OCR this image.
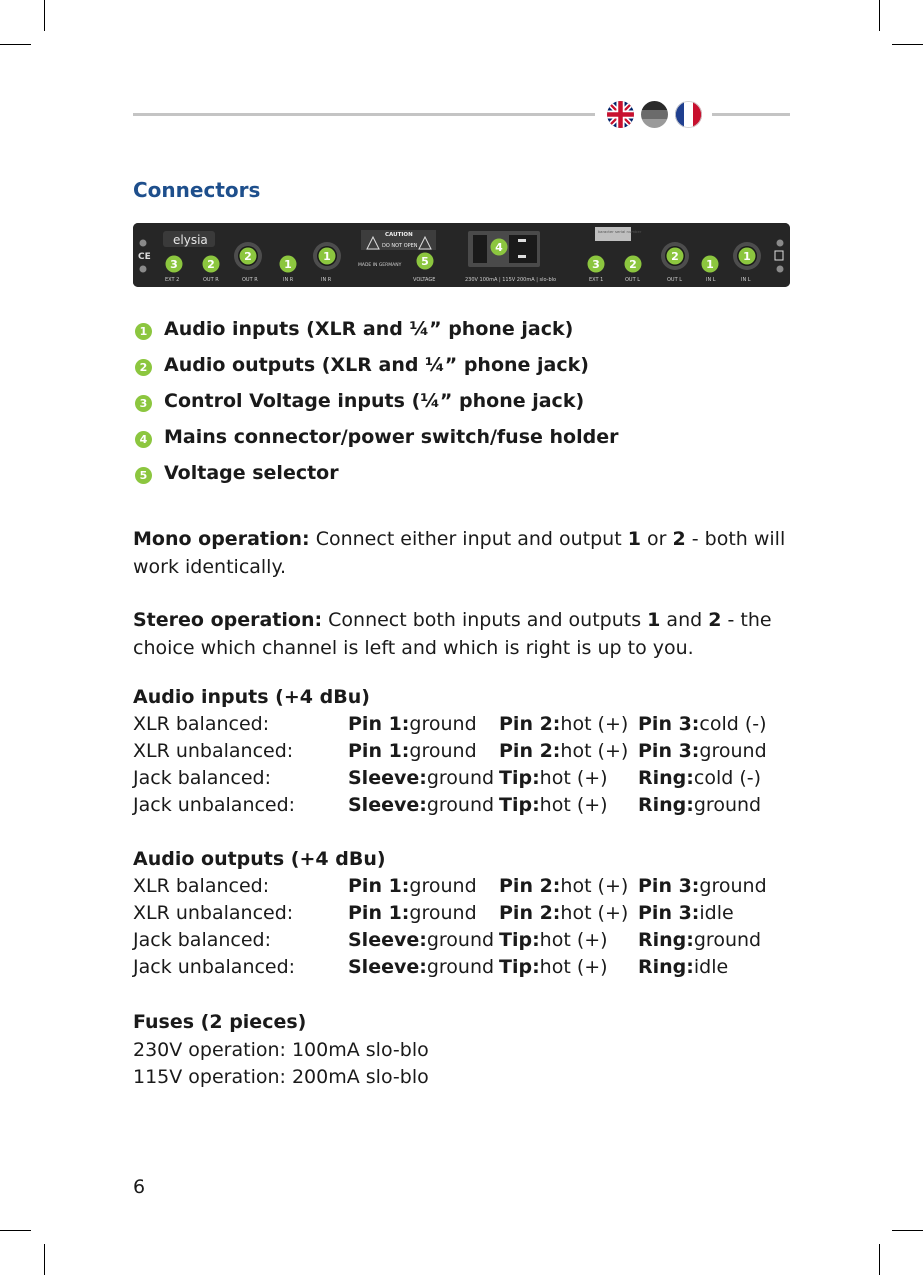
Connectors
CE
elysia	CAUTION
DO NOT OPEN
MADE IN GERMANY
karacter serial number
EXT 2	OUT R	OUT R	IN R	IN R	VOLTAGE	230V 100mA | 115V 200mA | slo-blo	EXT 1	OUT L	OUT L	IN L	IN L
3	2
2
1
1	5
4
3	2
2
1
1
1 Audio inputs (XLR and ¼” phone jack)
2 Audio outputs (XLR and ¼” phone jack)
3 Control Voltage inputs (¼” phone jack)
4 Mains connector/power switch/fuse holder
5 Voltage selector
Mono operation: Connect either input and output 1 or 2 - both will work identically.
Stereo operation: Connect both inputs and outputs 1 and 2 - the choice which channel is left and which is right is up to you.
Audio inputs (+4 dBu)
XLR balanced:	Pin 1: ground Pin 2: hot (+) Pin 3: cold (-)
XLR unbalanced:	Pin 1: ground Pin 2: hot (+) Pin 3: ground
Jack balanced:	Sleeve: ground Tip: hot (+) Ring: cold (-)
Jack unbalanced:	Sleeve: ground Tip: hot (+) Ring: ground
Audio outputs (+4 dBu)
XLR balanced:	Pin 1: ground Pin 2: hot (+) Pin 3: ground
XLR unbalanced:	Pin 1: ground Pin 2: hot (+) Pin 3: idle
Jack balanced:	Sleeve: ground Tip: hot (+) Ring: ground
Jack unbalanced:	Sleeve: ground Tip: hot (+) Ring: idle
Fuses (2 pieces)
230V operation: 100mA slo-blo
115V operation: 200mA slo-blo
6
